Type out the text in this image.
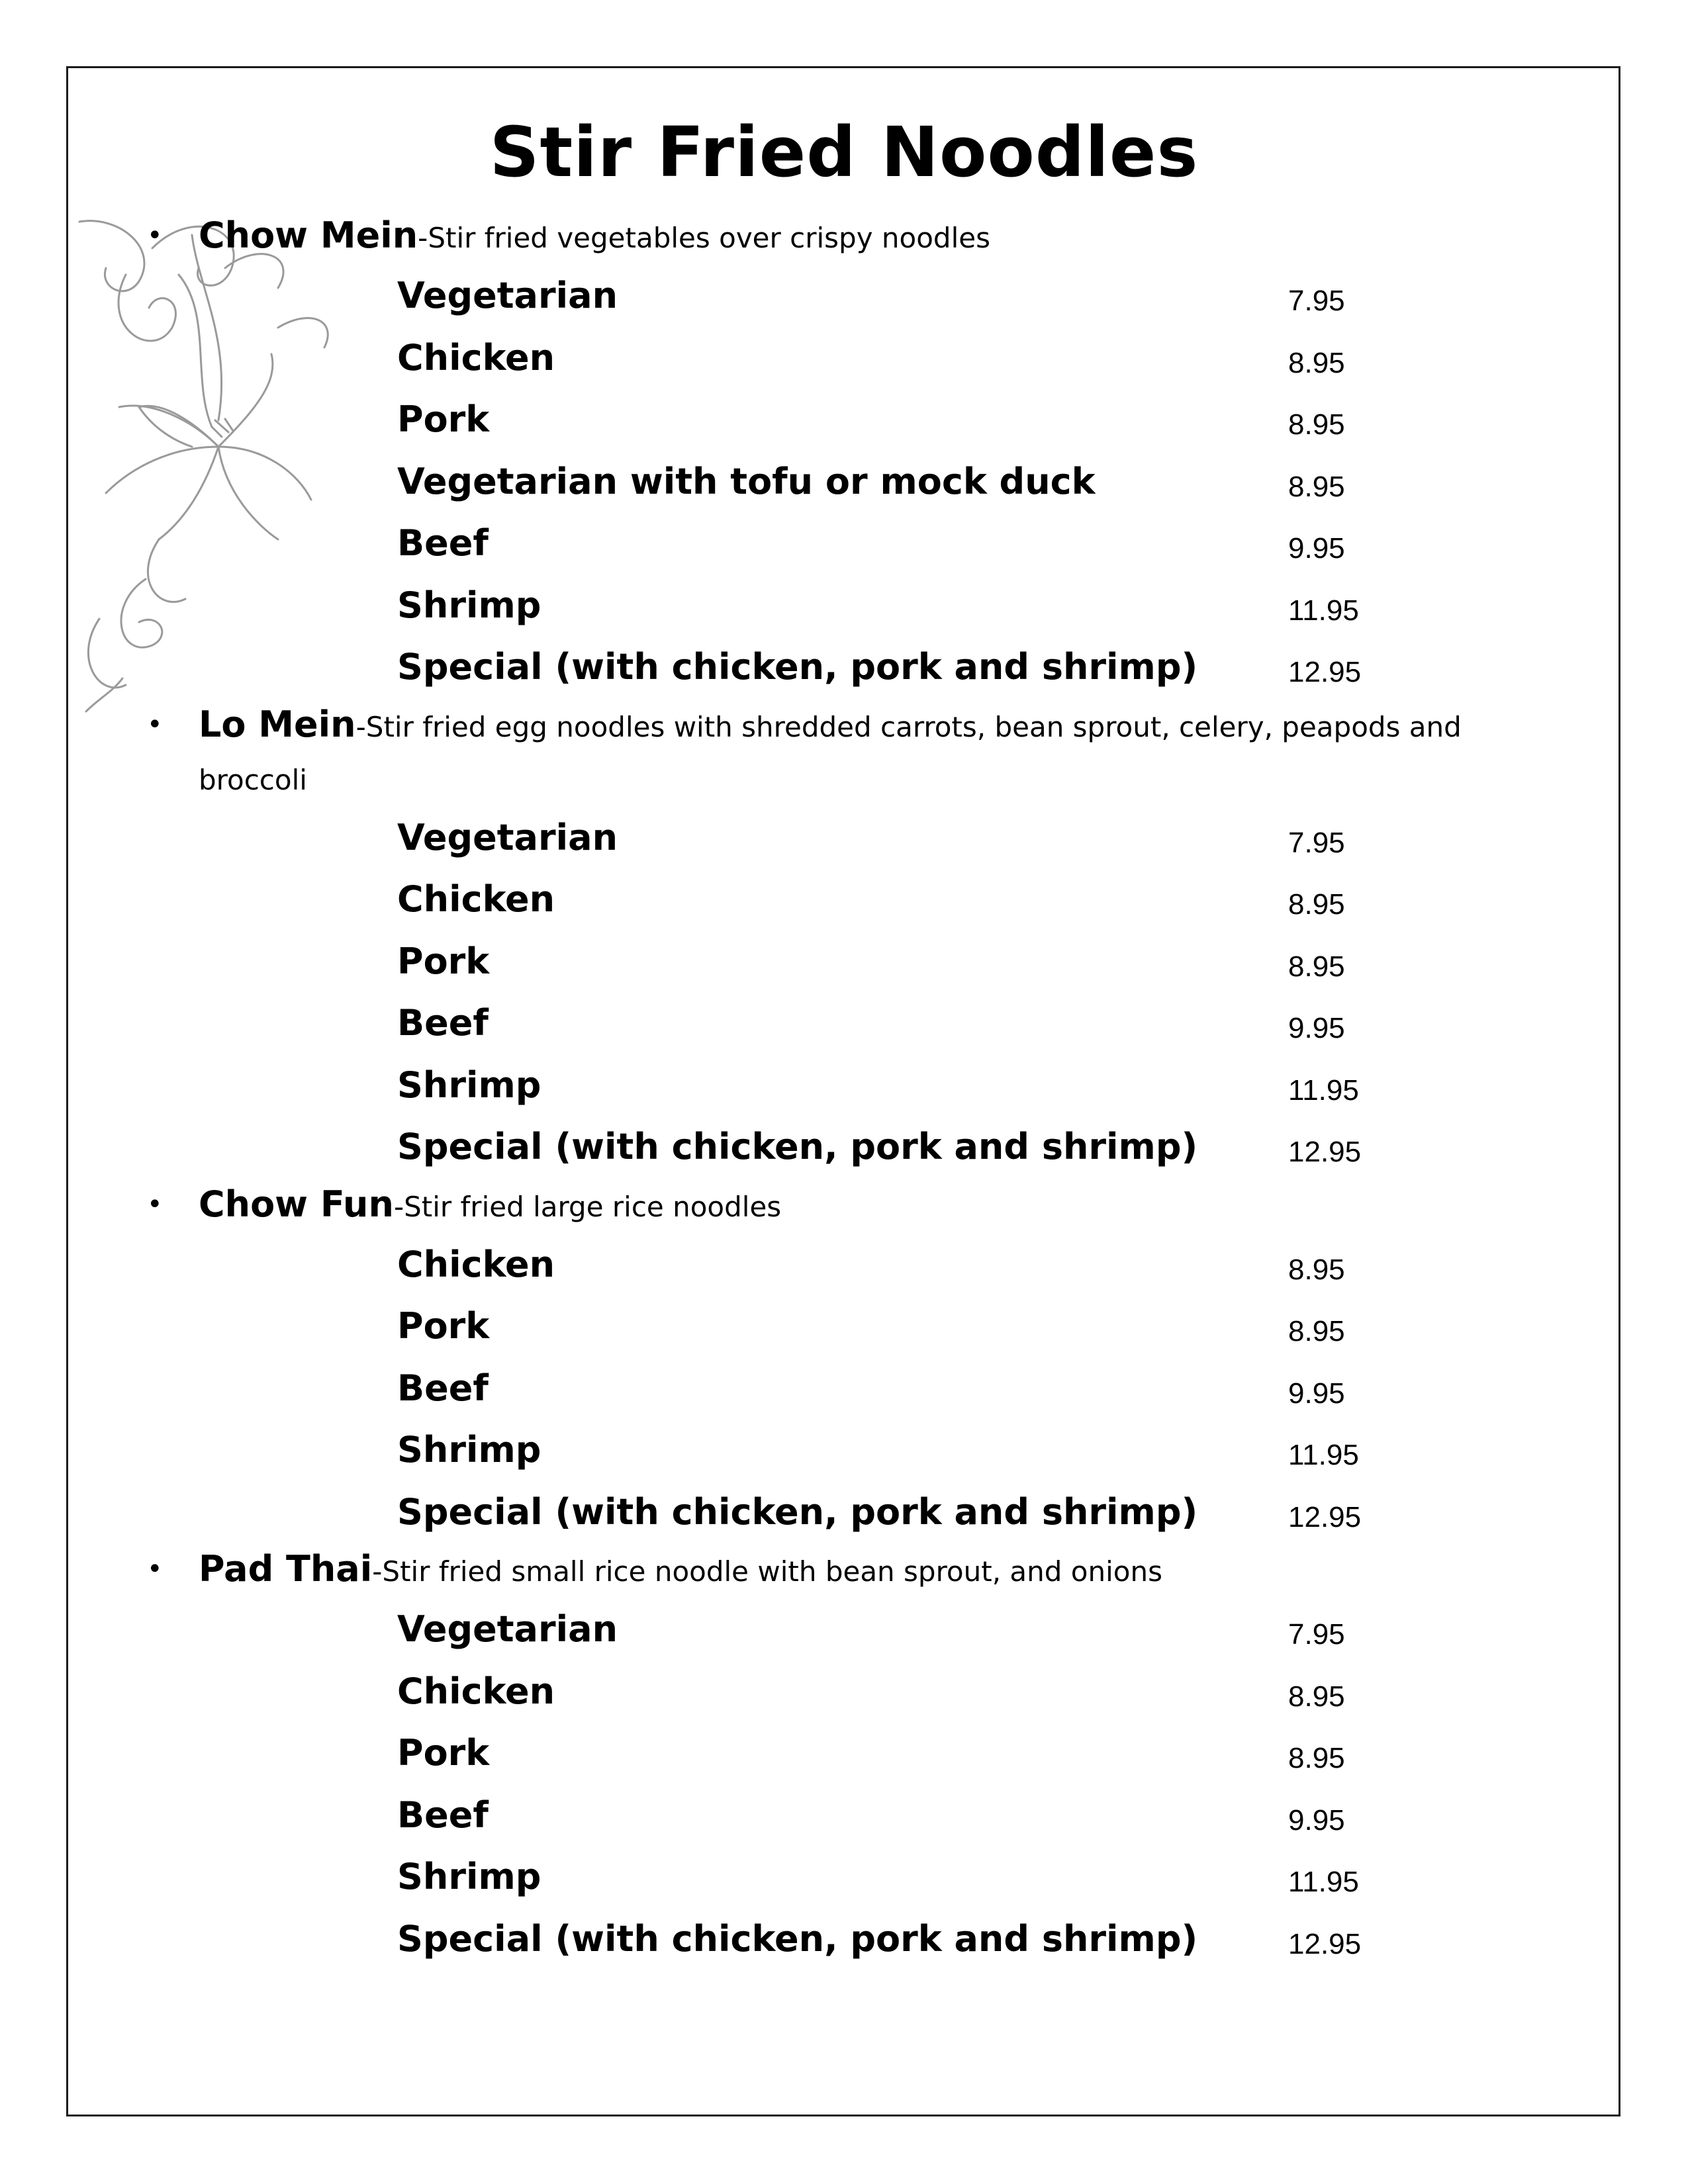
Stir Fried Noodles
• Chow Mein-Stir fried vegetables over crispy noodles
Vegetarian	7.95
Chicken	8.95
Pork	8.95
Vegetarian with tofu or mock duck	8.95
Beef	9.95
Shrimp	11.95
Special (with chicken, pork and shrimp)	12.95
• Lo Mein-Stir fried egg noodles with shredded carrots, bean sprout, celery, peapods and broccoli
Vegetarian	7.95
Chicken	8.95
Pork	8.95
Beef	9.95
Shrimp	11.95
Special (with chicken, pork and shrimp)	12.95
• Chow Fun-Stir fried large rice noodles
Chicken	8.95
Pork	8.95
Beef	9.95
Shrimp	11.95
Special (with chicken, pork and shrimp)	12.95
• Pad Thai-Stir fried small rice noodle with bean sprout, and onions
Vegetarian	7.95
Chicken	8.95
Pork	8.95
Beef	9.95
Shrimp	11.95
Special (with chicken, pork and shrimp)	12.95
